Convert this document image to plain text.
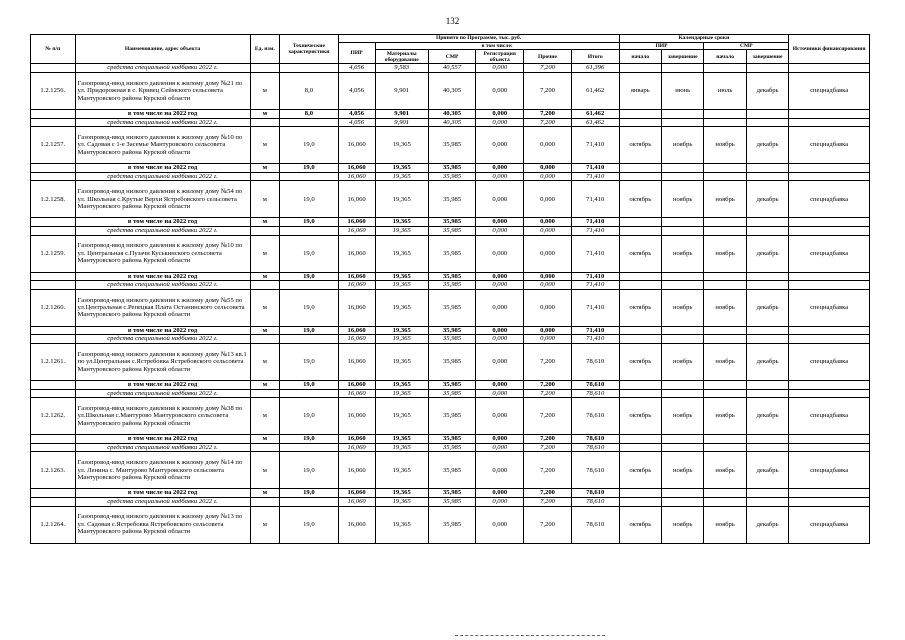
132
№ п/п	Наименование, адрес объекта	Ед. изм.	Технические характеристики	Принято по Программе, тыс. руб.						Календарные сроки				Источники финансирования
				ПИР	в том числе:					ПИР		СМР		
					Материалы оборудование	СМР	Регистрация объекта	Прочие	Итого	начало	завершение	начало	завершение	

	средства специальной надбавки 2022 г.			4,056	9,583	40,557	0,000	7,200	61,396					
1.2.1256.	Газопровод-ввод низкого давления к жилому дому №21 по ул. Придорожная в с. Кривец Сеймского сельсовета Мантуровского района Курской области	м	8,0	4,056	9,901	40,305	0,000	7,200	61,462	январь	июнь	июль	декабрь	спецнадбавка
	в том числе на 2022 год	м	8,0	4,056	9,901	40,305	0,000	7,200	61,462					
	средства специальной надбавки 2022 г.			4,056	9,901	40,305	0,000	7,200	61,462					
1.2.1257.	Газопровод-ввод низкого давления к жилому дому №10 по ул. Садовая с 1-е Засемье Мантуровского сельсовета Мантуровского района Курской области	м	19,0	16,060	19,365	35,985	0,000	0,000	71,410	октябрь	ноябрь	ноябрь	декабрь	спецнадбавка
	в том числе на 2022 год	м	19,0	16,060	19,365	35,985	0,000	0,000	71,410					
	средства специальной надбавки 2022 г.			16,060	19,365	35,985	0,000	0,000	71,410					
1.2.1258.	Газопровод-ввод низкого давления к жилому дому №54 по ул. Школьная с.Крутые Верхи Ястребовского сельсовета Мантуровского района Курской области	м	19,0	16,060	19,365	35,985	0,000	0,000	71,410	октябрь	ноябрь	ноябрь	декабрь	спецнадбавка
	в том числе на 2022 год	м	19,0	16,060	19,365	35,985	0,000	0,000	71,410					
	средства специальной надбавки 2022 г.			16,060	19,365	35,985	0,000	0,000	71,410					
1.2.1259.	Газопровод-ввод низкого давления к жилому дому №10 по ул. Центральная с.Пузачи Куськинского сельсовета Мантуровского района Курской области	м	19,0	16,060	19,365	35,985	0,000	0,000	71,410	октябрь	ноябрь	ноябрь	декабрь	спецнадбавка
	в том числе на 2022 год	м	19,0	16,060	19,365	35,985	0,000	0,000	71,410					
	средства специальной надбавки 2022 г.			16,060	19,365	35,985	0,000	0,000	71,410					
1.2.1260.	Газопровод-ввод низкого давления к жилому дому №55 по ул.Центральная с.Репецкая Плата Останинского сельсовета Мантуровского района Курской области	м	19,0	16,060	19,365	35,985	0,000	0,000	71,410	октябрь	ноябрь	ноябрь	декабрь	спецнадбавка
	в том числе на 2022 год	м	19,0	16,060	19,365	35,985	0,000	0,000	71,410					
	средства специальной надбавки 2022 г.			16,060	19,365	35,985	0,000	0,000	71,410					
1.2.1261.	Газопровод-ввод низкого давления к жилому дому №13 кв.1 по ул.Центральная с.Ястребовка Ястребовского сельсовета Мантуровского района Курской области	м	19,0	16,060	19,365	35,985	0,000	7,200	78,610	октябрь	ноябрь	ноябрь	декабрь	спецнадбавка
	в том числе на 2022 год	м	19,0	16,060	19,365	35,985	0,000	7,200	78,610					
	средства специальной надбавки 2022 г.			16,060	19,365	35,985	0,000	7,200	78,610					
1.2.1262.	Газопровод-ввод низкого давления к жилому дому №38 по ул.Школьная с.Мантурово Мантуровского сельсовета Мантуровского района Курской области	м	19,0	16,060	19,365	35,985	0,000	7,200	78,610	октябрь	ноябрь	ноябрь	декабрь	спецнадбавка
	в том числе на 2022 год	м	19,0	16,060	19,365	35,985	0,000	7,200	78,610					
	средства специальной надбавки 2022 г.			16,060	19,365	35,985	0,000	7,200	78,610					
1.2.1263.	Газопровод-ввод низкого давления к жилому дому №14 по ул. Ленина с. Мантурово Мантуровского сельсовета Мантуровского района Курской области	м	19,0	16,060	19,365	35,985	0,000	7,200	78,610	октябрь	ноябрь	ноябрь	декабрь	спецнадбавка
	в том числе на 2022 год	м	19,0	16,060	19,365	35,985	0,000	7,200	78,610					
	средства специальной надбавки 2022 г.			16,060	19,365	35,985	0,000	7,200	78,610					
1.2.1264.	Газопровод-ввод низкого давления к жилому дому №13 по ул. Садовая с.Ястребовка Ястребовского сельсовета Мантуровского района Курской области	м	19,0	16,060	19,365	35,985	0,000	7,200	78,610	октябрь	ноябрь	ноябрь	декабрь	спецнадбавка
